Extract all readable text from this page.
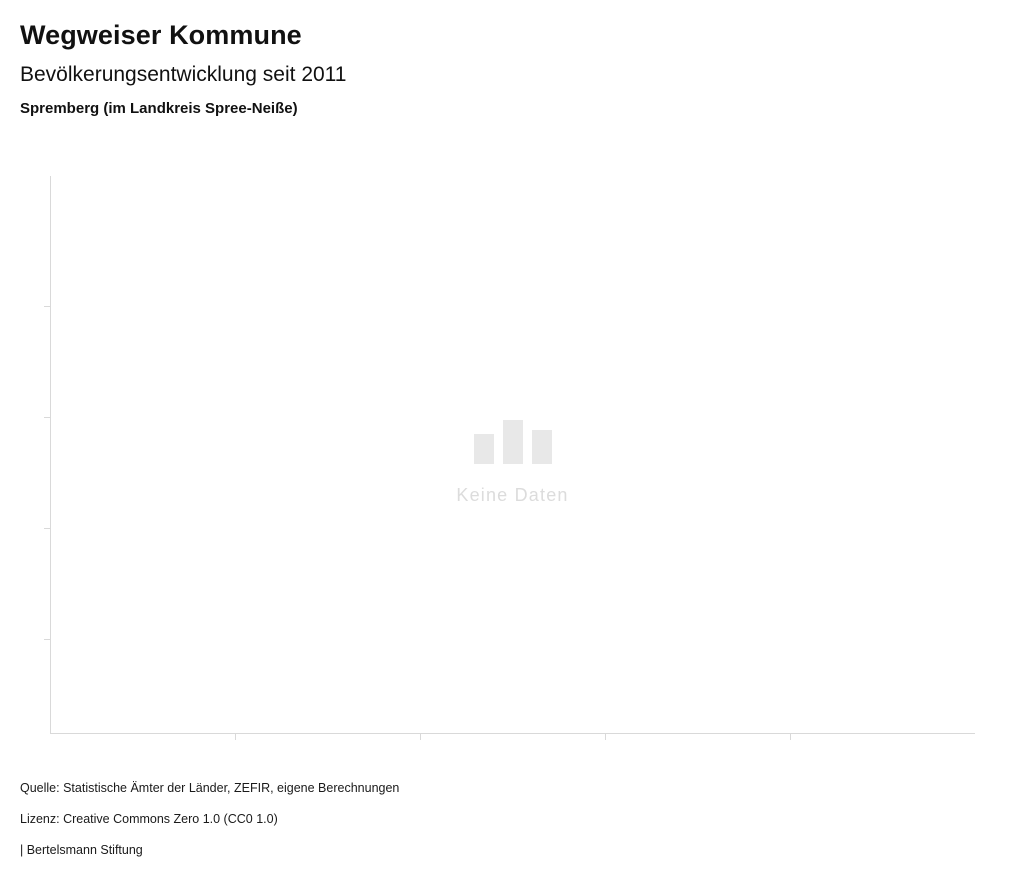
Wegweiser Kommune
Bevölkerungsentwicklung seit 2011
Spremberg (im Landkreis Spree-Neiße)
Keine Daten
Quelle: Statistische Ämter der Länder, ZEFIR, eigene Berechnungen
Lizenz: Creative Commons Zero 1.0 (CC0 1.0)
| Bertelsmann Stiftung
